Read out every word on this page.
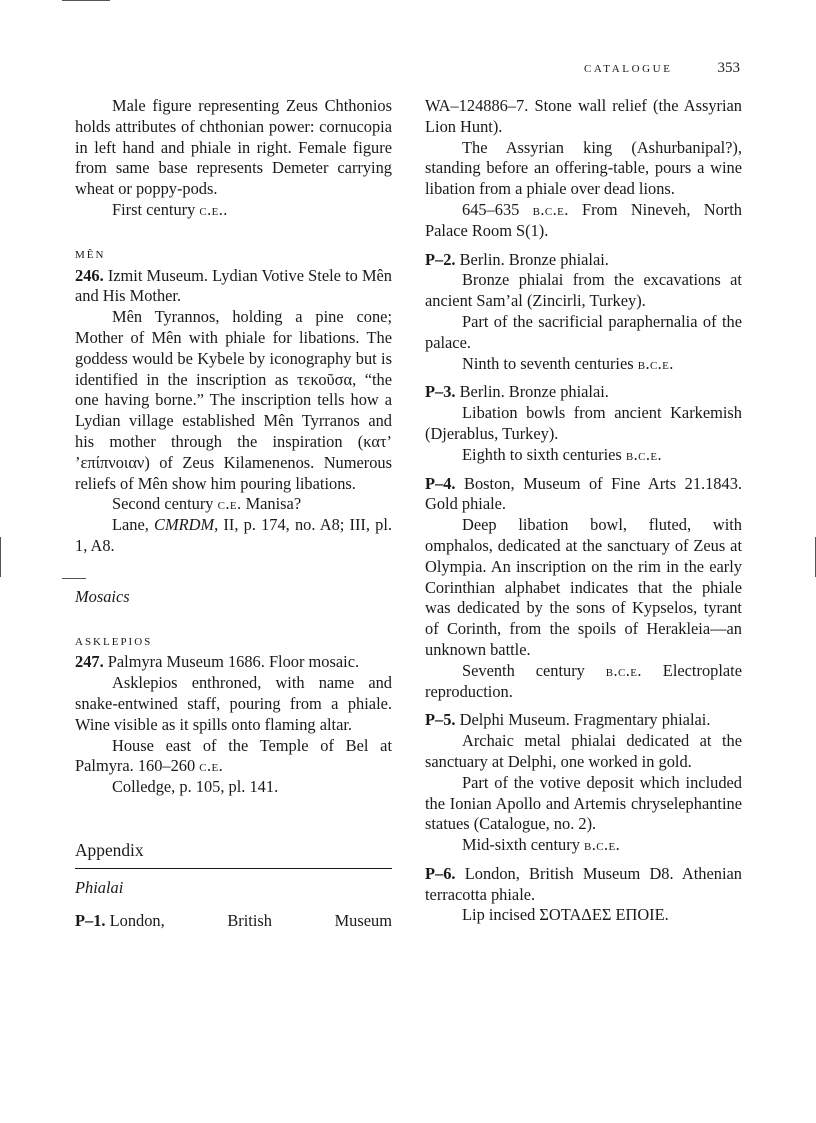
CATALOGUE	353

Male figure representing Zeus Chthonios holds attributes of chthonian power: cornucopia in left hand and phiale in right. Female figure from same base represents Demeter carrying wheat or poppy-pods.

First century c.e..

MÊN

246. Izmit Museum. Lydian Votive Stele to Mên and His Mother.

Mên Tyrannos, holding a pine cone; Mother of Mên with phiale for libations. The goddess would be Kybele by iconography but is identified in the inscription as τεκοῦσα, “the one having borne.” The inscription tells how a Lydian village established Mên Tyrranos and his mother through the inspiration (κατ’ ’επίπνοιαν) of Zeus Kilamenenos. Numerous reliefs of Mên show him pouring libations.

Second century c.e. Manisa?

Lane, CMRDM, II, p. 174, no. A8; III, pl. 1, A8.

Mosaics
ASKLEPIOS

247. Palmyra Museum 1686. Floor mosaic.

Asklepios enthroned, with name and snake-entwined staff, pouring from a phiale. Wine visible as it spills onto flaming altar.

House east of the Temple of Bel at Palmyra. 160–260 c.e.

Colledge, p. 105, pl. 141.

Appendix
Phialai
P–1. London,	British	Museum

WA–124886–7. Stone wall relief (the Assyrian Lion Hunt).

The Assyrian king (Ashurbanipal?), standing before an offering-table, pours a wine libation from a phiale over dead lions.

645–635 b.c.e. From Nineveh, North Palace Room S(1).

P–2. Berlin. Bronze phialai.

Bronze phialai from the excavations at ancient Sam’al (Zincirli, Turkey).

Part of the sacrificial paraphernalia of the palace.

Ninth to seventh centuries b.c.e.

P–3. Berlin. Bronze phialai.

Libation bowls from ancient Karkemish (Djerablus, Turkey).

Eighth to sixth centuries b.c.e.

P–4. Boston, Museum of Fine Arts 21.1843. Gold phiale.

Deep libation bowl, fluted, with omphalos, dedicated at the sanctuary of Zeus at Olympia. An inscription on the rim in the early Corinthian alphabet indicates that the phiale was dedicated by the sons of Kypselos, tyrant of Corinth, from the spoils of Herakleia—an unknown battle.

Seventh century b.c.e. Electroplate reproduction.

P–5. Delphi Museum. Fragmentary phialai.

Archaic metal phialai dedicated at the sanctuary at Delphi, one worked in gold.

Part of the votive deposit which included the Ionian Apollo and Artemis chryselephantine statues (Catalogue, no. 2).

Mid-sixth century b.c.e.

P–6. London, British Museum D8. Athenian terracotta phiale.

Lip incised ΣΟΤΑΔΕΣ ΕΠΟΙΕ.
